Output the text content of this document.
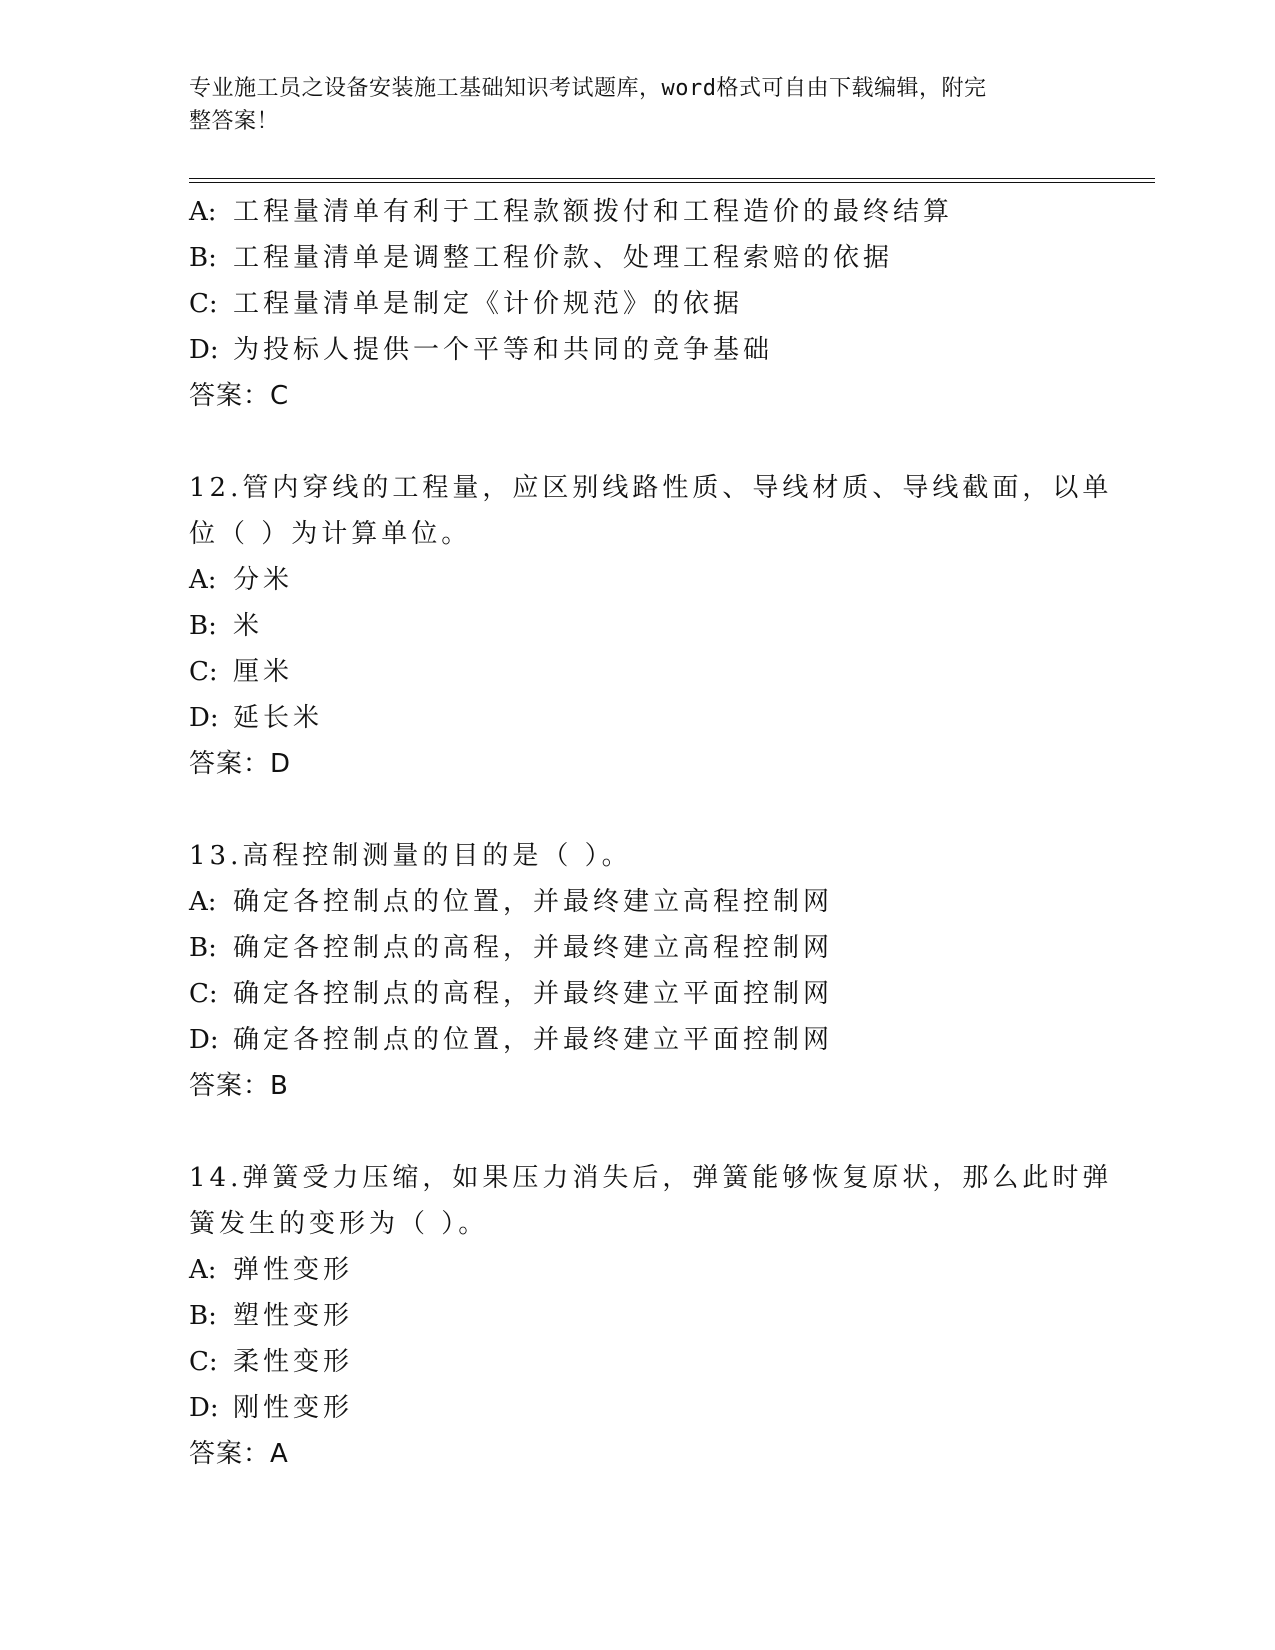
专业施工员之设备安装施工基础知识考试题库，word格式可自由下载编辑，附完
整答案！
A: 工程量清单有利于工程款额拨付和工程造价的最终结算
B: 工程量清单是调整工程价款、处理工程索赔的依据
C: 工程量清单是制定《计价规范》的依据
D: 为投标人提供一个平等和共同的竞争基础
答案：C
12.管内穿线的工程量，应区别线路性质、导线材质、导线截面，以单
位（ ）为计算单位。
A: 分米
B: 米
C: 厘米
D: 延长米
答案：D
13.高程控制测量的目的是（ ）。
A: 确定各控制点的位置，并最终建立高程控制网
B: 确定各控制点的高程，并最终建立高程控制网
C: 确定各控制点的高程，并最终建立平面控制网
D: 确定各控制点的位置，并最终建立平面控制网
答案：B
14.弹簧受力压缩，如果压力消失后，弹簧能够恢复原状，那么此时弹
簧发生的变形为（ ）。
A: 弹性变形
B: 塑性变形
C: 柔性变形
D: 刚性变形
答案：A
